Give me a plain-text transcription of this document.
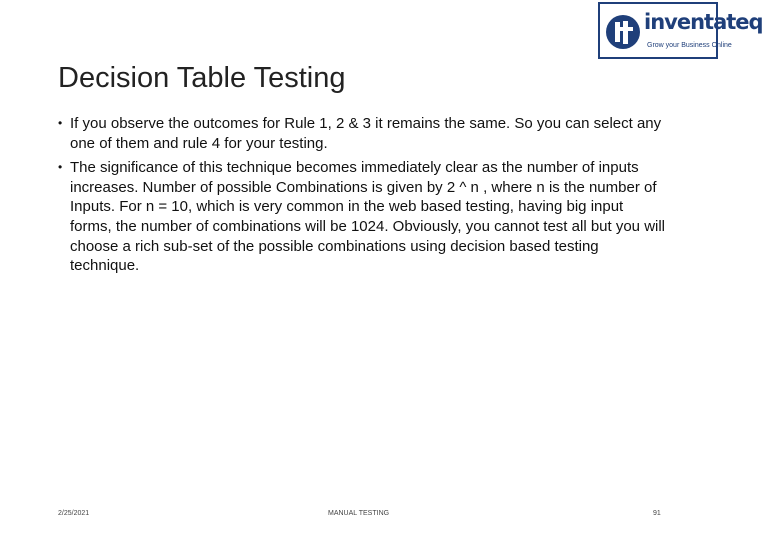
inventateq
Grow your Business Online
Decision Table Testing
• If you observe the outcomes for Rule 1, 2 & 3 it remains the same. So you can select any one of them and rule 4 for your testing.
• The significance of this technique becomes immediately clear as the number of inputs increases. Number of possible Combinations is given by 2 ^ n , where n is the number of Inputs. For n = 10, which is very common in the web based testing, having big input forms, the number of combinations will be 1024. Obviously, you cannot test all but you will choose a rich sub-set of the possible combinations using decision based testing technique.
2/25/2021	MANUAL TESTING	91
